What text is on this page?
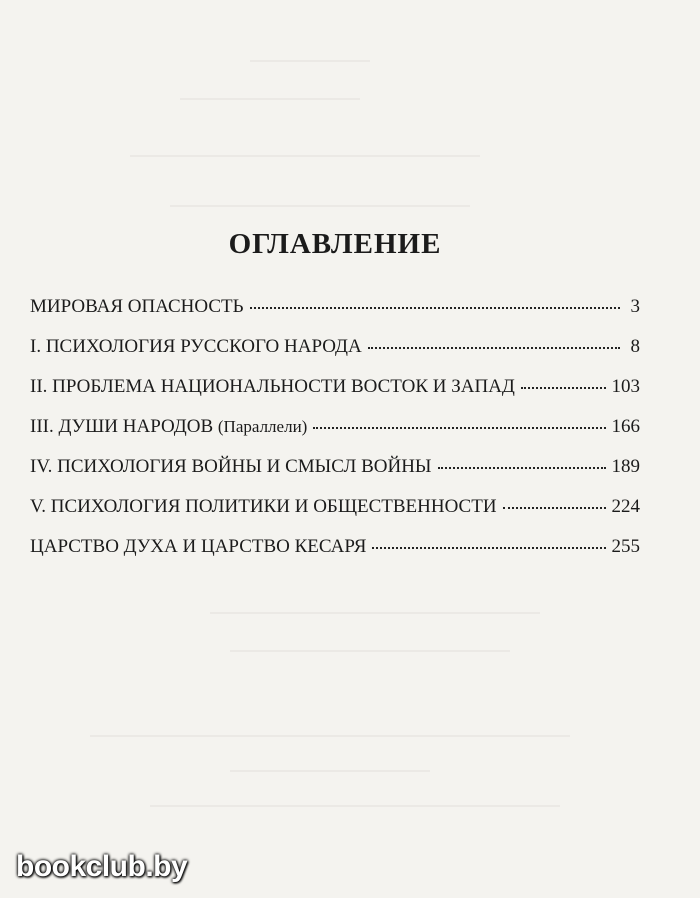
ОГЛАВЛЕНИЕ
МИРОВАЯ ОПАСНОСТЬ	3
I. ПСИХОЛОГИЯ РУССКОГО НАРОДА	8
II. ПРОБЛЕМА НАЦИОНАЛЬНОСТИ ВОСТОК И ЗАПАД	103
III. ДУШИ НАРОДОВ (Параллели)	166
IV. ПСИХОЛОГИЯ ВОЙНЫ И СМЫСЛ ВОЙНЫ	189
V. ПСИХОЛОГИЯ ПОЛИТИКИ И ОБЩЕСТВЕННОСТИ	224
ЦАРСТВО ДУХА И ЦАРСТВО КЕСАРЯ	255
bookclub.by
